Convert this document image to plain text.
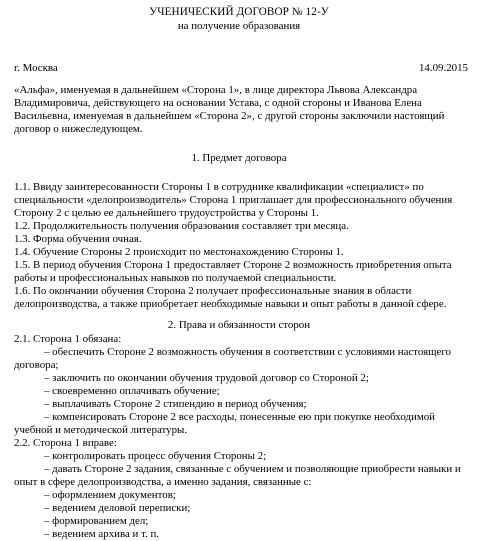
УЧЕНИЧЕСКИЙ ДОГОВОР № 12-У
на получение образования
г. Москва	14.09.2015
«Альфа», именуемая в дальнейшем «Сторона 1», в лице директора Львова Александра
Владимировича, действующего на основании Устава, с одной стороны и Иванова Елена
Васильевна, именуемая в дальнейшем «Сторона 2», с другой стороны заключили настоящий
договор о нижеследующем.
1. Предмет договора
1.1. Ввиду заинтересованности Стороны 1 в сотруднике квалификации «специалист» по
специальности «делопроизводитель» Сторона 1 приглашает для профессионального обучения
Сторону 2 с целью ее дальнейшего трудоустройства у Стороны 1.
1.2. Продолжительность получения образования составляет три месяца.
1.3. Форма обучения очная.
1.4. Обучение Стороны 2 происходит по местонахождению Стороны 1.
1.5. В период обучения Сторона 1 предоставляет Стороне 2 возможность приобретения опыта
работы и профессиональных навыков по получаемой специальности.
1.6. По окончании обучения Сторона 2 получает профессиональные знания в области
делопроизводства, а также приобретает необходимые навыки и опыт работы в данной сфере.
2. Права и обязанности сторон
2.1. Сторона 1 обязана:
– обеспечить Стороне 2 возможность обучения в соответствии с условиями настоящего
договора;
– заключить по окончании обучения трудовой договор со Стороной 2;
– своевременно оплачивать обучение;
– выплачивать Стороне 2 стипендию в период обучения;
– компенсировать Стороне 2 все расходы, понесенные ею при покупке необходимой
учебной и методической литературы.
2.2. Сторона 1 вправе:
– контролировать процесс обучения Стороны 2;
– давать Стороне 2 задания, связанные с обучением и позволяющие приобрести навыки и
опыт в сфере делопроизводства, а именно задания, связанные с:
– оформлением документов;
– ведением деловой переписки;
– формированием дел;
– ведением архива и т. п.
